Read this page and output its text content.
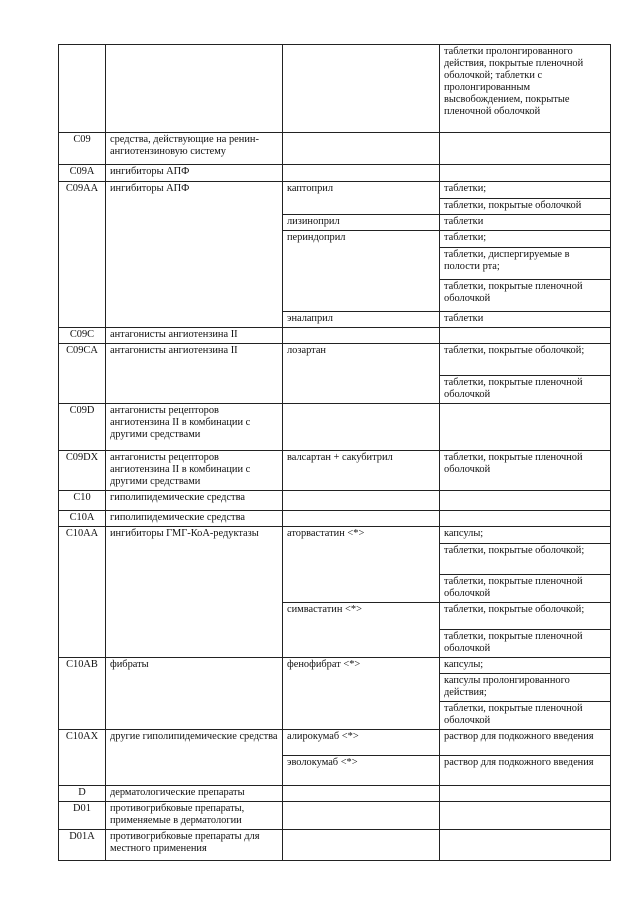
			таблетки пролонгированного действия, покрытые пленочной оболочкой; таблетки с пролонгированным высвобождением, покрытые пленочной оболочкой
C09	средства, действующие на ренин-ангиотензиновую систему		
C09A	ингибиторы АПФ		
C09AA	ингибиторы АПФ	каптоприл	таблетки;
			таблетки, покрытые оболочкой
		лизиноприл	таблетки
		периндоприл	таблетки;
			таблетки, диспергируемые в полости рта;
			таблетки, покрытые пленочной оболочкой
		эналаприл	таблетки
C09C	антагонисты ангиотензина II		
C09CA	антагонисты ангиотензина II	лозартан	таблетки, покрытые оболочкой;
			таблетки, покрытые пленочной оболочкой
C09D	антагонисты рецепторов ангиотензина II в комбинации с другими средствами		
C09DX	антагонисты рецепторов ангиотензина II в комбинации с другими средствами	валсартан + сакубитрил	таблетки, покрытые пленочной оболочкой
C10	гиполипидемические средства		
C10A	гиполипидемические средства		
C10AA	ингибиторы ГМГ-КоА-редуктазы	аторвастатин <*>	капсулы;
			таблетки, покрытые оболочкой;
			таблетки, покрытые пленочной оболочкой
		симвастатин <*>	таблетки, покрытые оболочкой;
			таблетки, покрытые пленочной оболочкой
C10AB	фибраты	фенофибрат <*>	капсулы;
			капсулы пролонгированного действия;
			таблетки, покрытые пленочной оболочкой
C10AX	другие гиполипидемические средства	алирокумаб <*>	раствор для подкожного введения
		эволокумаб <*>	раствор для подкожного введения
D	дерматологические препараты		
D01	противогрибковые препараты, применяемые в дерматологии		
D01A	противогрибковые препараты для местного применения		
